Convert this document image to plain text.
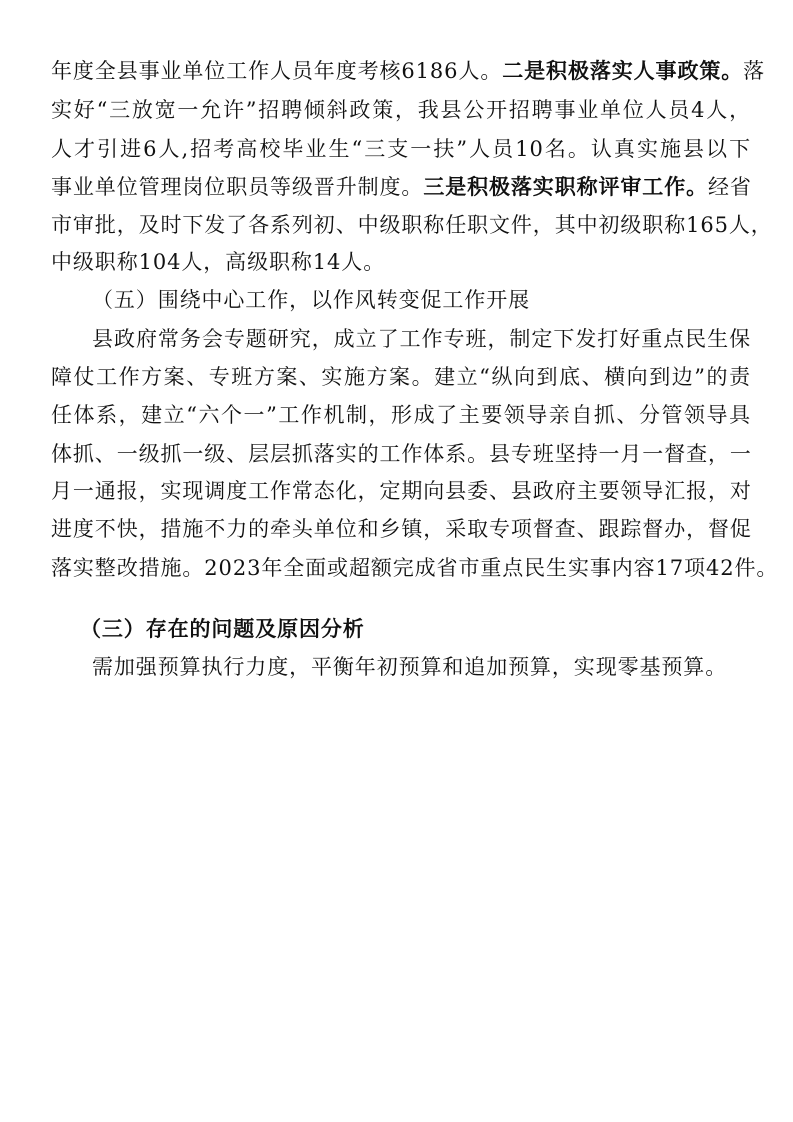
年度全县事业单位工作人员年度考核6186人。二是积极落实人事政策。落
实好“三放宽一允许”招聘倾斜政策，我县公开招聘事业单位人员4人，
人才引进6人,招考高校毕业生“三支一扶”人员10名。认真实施县以下
事业单位管理岗位职员等级晋升制度。三是积极落实职称评审工作。经省
市审批，及时下发了各系列初、中级职称任职文件，其中初级职称165人，
中级职称104人，高级职称14人。
（五）围绕中心工作，以作风转变促工作开展
县政府常务会专题研究，成立了工作专班，制定下发打好重点民生保
障仗工作方案、专班方案、实施方案。建立“纵向到底、横向到边”的责
任体系，建立“六个一”工作机制，形成了主要领导亲自抓、分管领导具
体抓、一级抓一级、层层抓落实的工作体系。县专班坚持一月一督查，一
月一通报，实现调度工作常态化，定期向县委、县政府主要领导汇报，对
进度不快，措施不力的牵头单位和乡镇，采取专项督查、跟踪督办，督促
落实整改措施。2023年全面或超额完成省市重点民生实事内容17项42件。
（三）存在的问题及原因分析
需加强预算执行力度，平衡年初预算和追加预算，实现零基预算。
